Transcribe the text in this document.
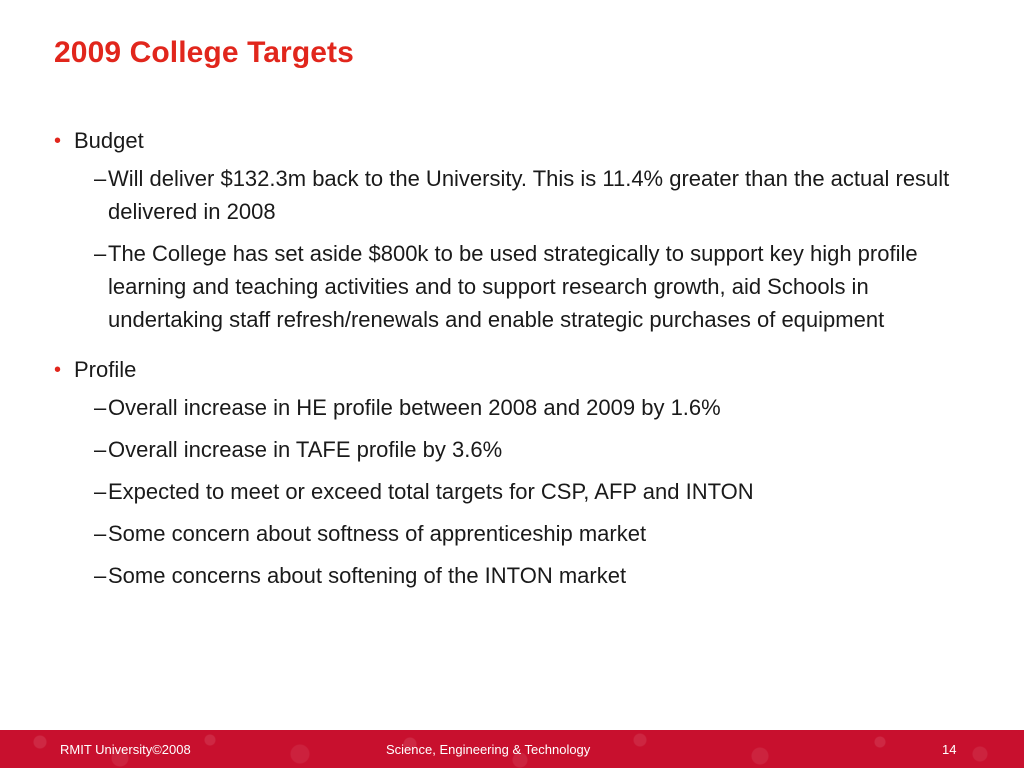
2009 College Targets
• Budget
– Will deliver $132.3m back to the University. This is 11.4% greater than the actual result delivered in 2008
– The College has set aside $800k to be used strategically to support key high profile learning and teaching activities and to support research growth, aid Schools in undertaking staff refresh/renewals and enable strategic purchases of equipment
• Profile
– Overall increase in HE profile between 2008 and 2009 by 1.6%
– Overall increase in TAFE profile by 3.6%
– Expected to meet or exceed total targets for CSP, AFP and INTON
– Some concern about softness of apprenticeship market
– Some concerns about softening of the INTON market
RMIT University©2008	Science, Engineering & Technology	14
